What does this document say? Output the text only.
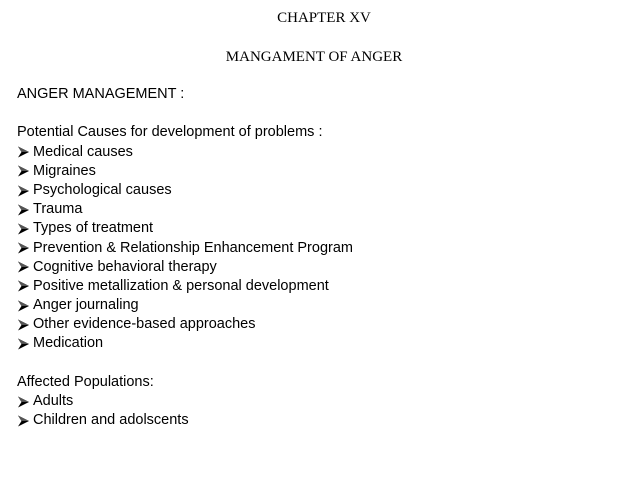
CHAPTER XV
MANGAMENT OF ANGER
ANGER MANAGEMENT :
Potential Causes for development of problems :
Medical causes
Migraines
Psychological causes
Trauma
Types of treatment
Prevention & Relationship Enhancement Program
Cognitive behavioral therapy
Positive metallization & personal development
Anger journaling
Other evidence-based approaches
Medication
Affected Populations:
Adults
Children and adolscents
